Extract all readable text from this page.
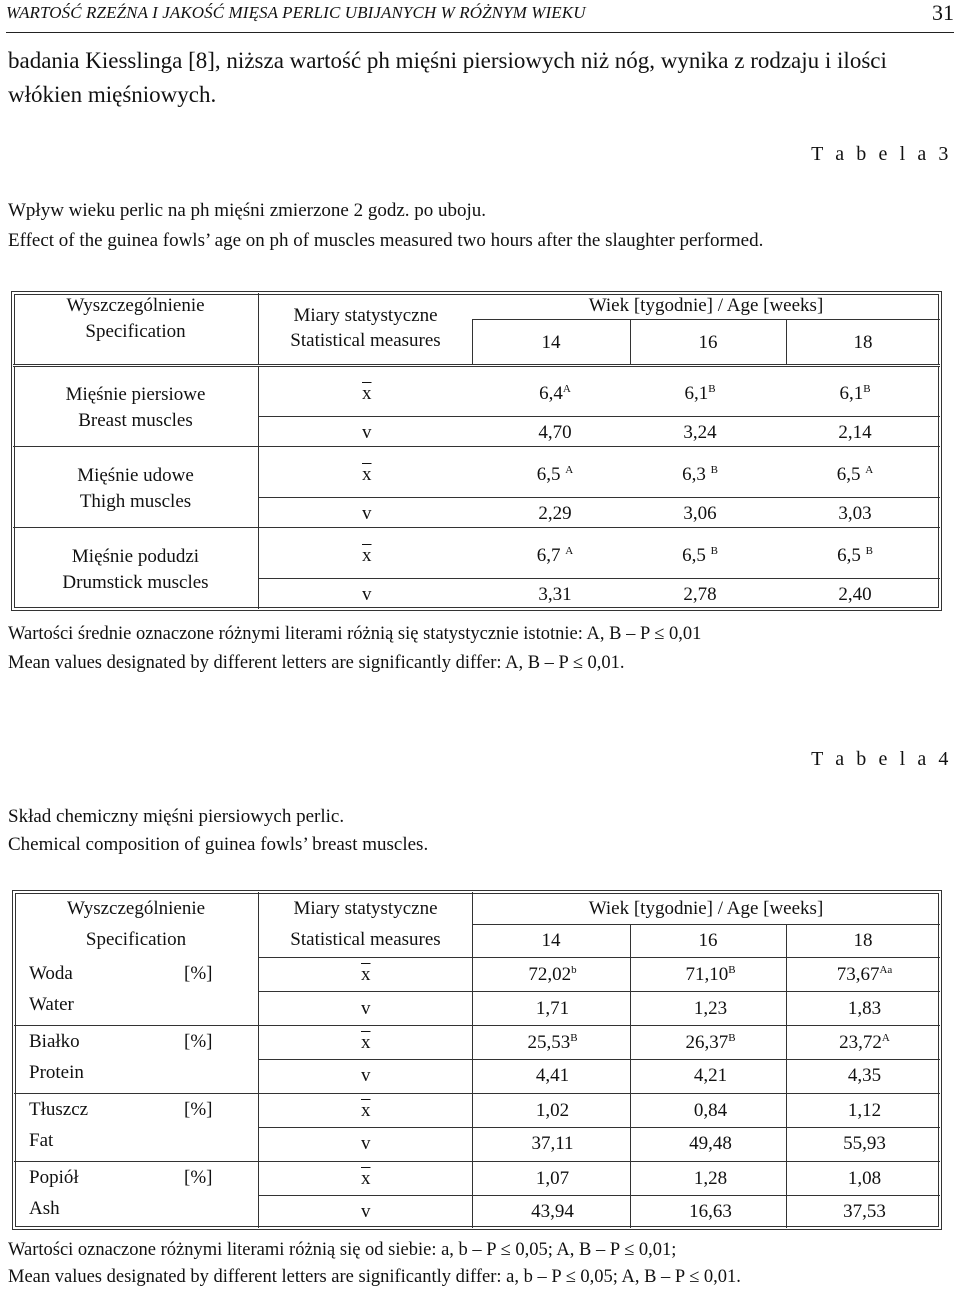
WARTOŚĆ RZEŹNA I JAKOŚĆ MIĘSA PERLIC UBIJANYCH W RÓŻNYM WIEKU	31
badania Kiesslinga [8], niższa wartość ph mięśni piersiowych niż nóg, wynika z rodzaju i ilości włókien mięśniowych.
T a b e l a 3
Wpływ wieku perlic na ph mięśni zmierzone 2 godz. po uboju.
Effect of the guinea fowls’ age on ph of muscles measured two hours after the slaughter performed.
Wyszczególnienie
Specification
Miary statystyczne
Statistical measures
Wiek [tygodnie] / Age [weeks]
14	16	18
Mięśnie piersiowe
Breast muscles
$\overline{x}$	$6,4^A$	$6,1^B$	$6,1^B$
v	4,70	3,24	2,14
Mięśnie udowe
Thigh muscles
$\overline{x}$	6,5 $^A$	6,3 $^B$	6,5 $^A$
v	2,29	3,06	3,03
Mięśnie podudzi
Drumstick muscles
$\overline{x}$	6,7 $^A$	6,5 $^B$	6,5 $^B$
v	3,31	2,78	2,40
Wartości średnie oznaczone różnymi literami różnią się statystycznie istotnie: A, B – P ≤ 0,01
Mean values designated by different letters are significantly differ: A, B – P ≤ 0,01.
T a b e l a 4
Skład chemiczny mięśni piersiowych perlic.
Chemical composition of guinea fowls’ breast muscles.
Wyszczególnienie
Specification
Miary statystyczne
Statistical measures
Wiek [tygodnie] / Age [weeks]
14	16	18
Woda	[%]
Water
$\overline{x}$	72,02$^b$	$71,10^B$	$73,67^{Aa}$
v	1,71	1,23	1,83
Białko	[%]
Protein
$\overline{x}$	$25,53^B$	$26,37^B$	$23,72^A$
v	4,41	4,21	4,35
Tłuszcz	[%]
Fat
$\overline{x}$	1,02	0,84	1,12
v	37,11	49,48	55,93
Popiół	[%]
Ash
$\overline{x}$	1,07	1,28	1,08
v	43,94	16,63	37,53
Wartości oznaczone różnymi literami różnią się od siebie: a, b – P ≤ 0,05; A, B – P ≤ 0,01;
Mean values designated by different letters are significantly differ: a, b – P ≤ 0,05; A, B – P ≤ 0,01.
